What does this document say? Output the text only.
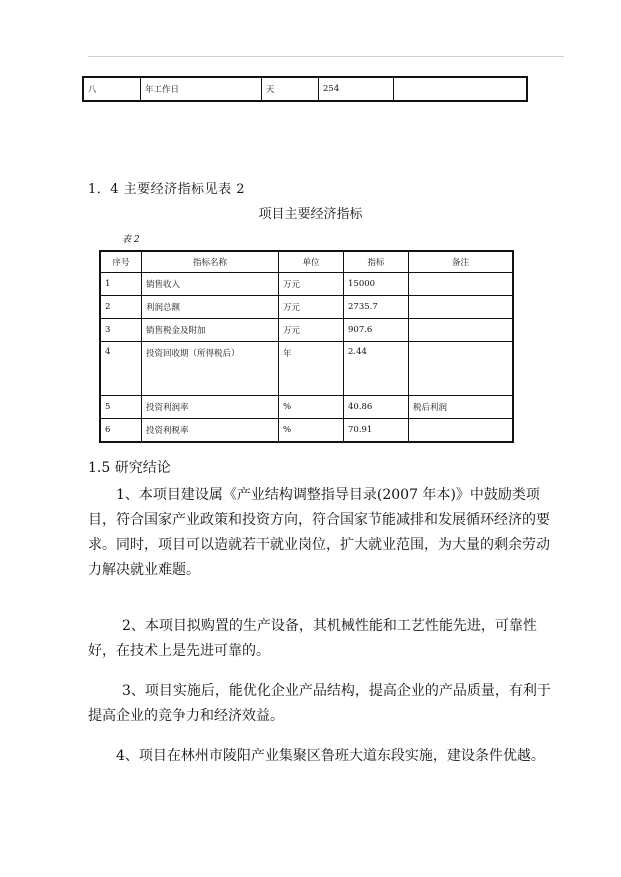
八	年工作日	天	254	
1．4 主要经济指标见表 2
项目主要经济指标
表 2
序号	指标名称	单位	指标	备注
1	销售收入	万元	15000	
2	利润总额	万元	2735.7	
3	销售税金及附加	万元	907.6	
4	投资回收期（所得税后）	年	2.44	
5	投资利润率	%	40.86	税后利润
6	投资利税率	%	70.91	
1.5 研究结论

1、本项目建设属《产业结构调整指导目录(2007 年本)》中鼓励类项目，符合国家产业政策和投资方向，符合国家节能减排和发展循环经济的要求。同时，项目可以造就若干就业岗位，扩大就业范围，为大量的剩余劳动力解决就业难题。

2、本项目拟购置的生产设备，其机械性能和工艺性能先进，可靠性好，在技术上是先进可靠的。

3、项目实施后，能优化企业产品结构，提高企业的产品质量，有利于提高企业的竞争力和经济效益。

4、项目在林州市陵阳产业集聚区鲁班大道东段实施，建设条件优越。
